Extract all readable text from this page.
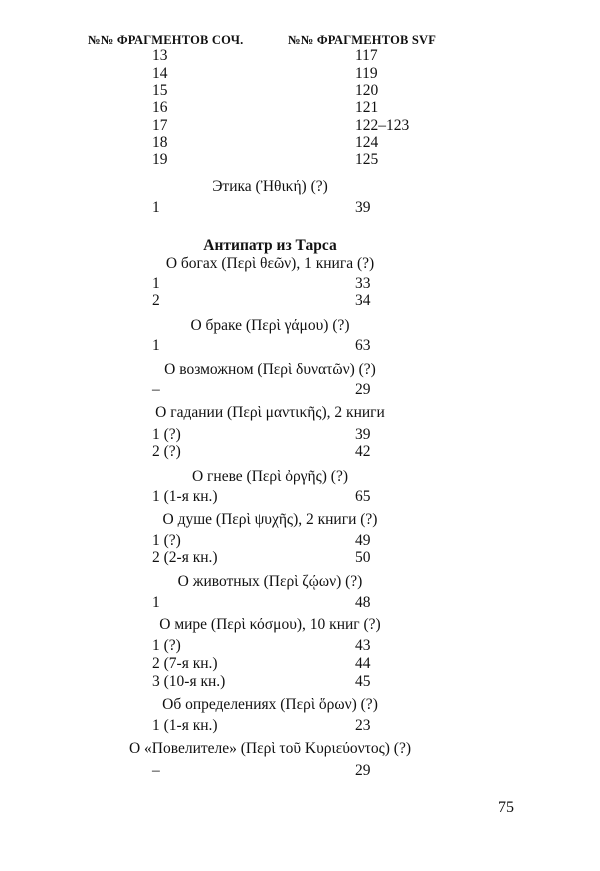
№№ ФРАГМЕНТОВ СОЧ.	№№ ФРАГМЕНТОВ SVF
13	117
14	119
15	120
16	121
17	122–123
18	124
19	125
Этика (Ἠθική) (?)
1	39
Антипатр из Тарса
О богах (Περὶ θεῶν), 1 книга (?)
1	33
2	34
О браке (Περὶ γάμου) (?)
1	63
О возможном (Περὶ δυνατῶν) (?)
–	29
О гадании (Περὶ μαντικῆς), 2 книги
1 (?)	39
2 (?)	42
О гневе (Περὶ ὀργῆς) (?)
1 (1-я кн.)	65
О душе (Περὶ ψυχῆς), 2 книги (?)
1 (?)	49
2 (2-я кн.)	50
О животных (Περὶ ζῴων) (?)
1	48
О мире (Περὶ κόσμου), 10 книг (?)
1 (?)	43
2 (7-я кн.)	44
3 (10-я кн.)	45
Об определениях (Περὶ ὅρων) (?)
1 (1-я кн.)	23
О «Повелителе» (Περὶ τοῦ Κυριεύοντος) (?)
–	29
75
